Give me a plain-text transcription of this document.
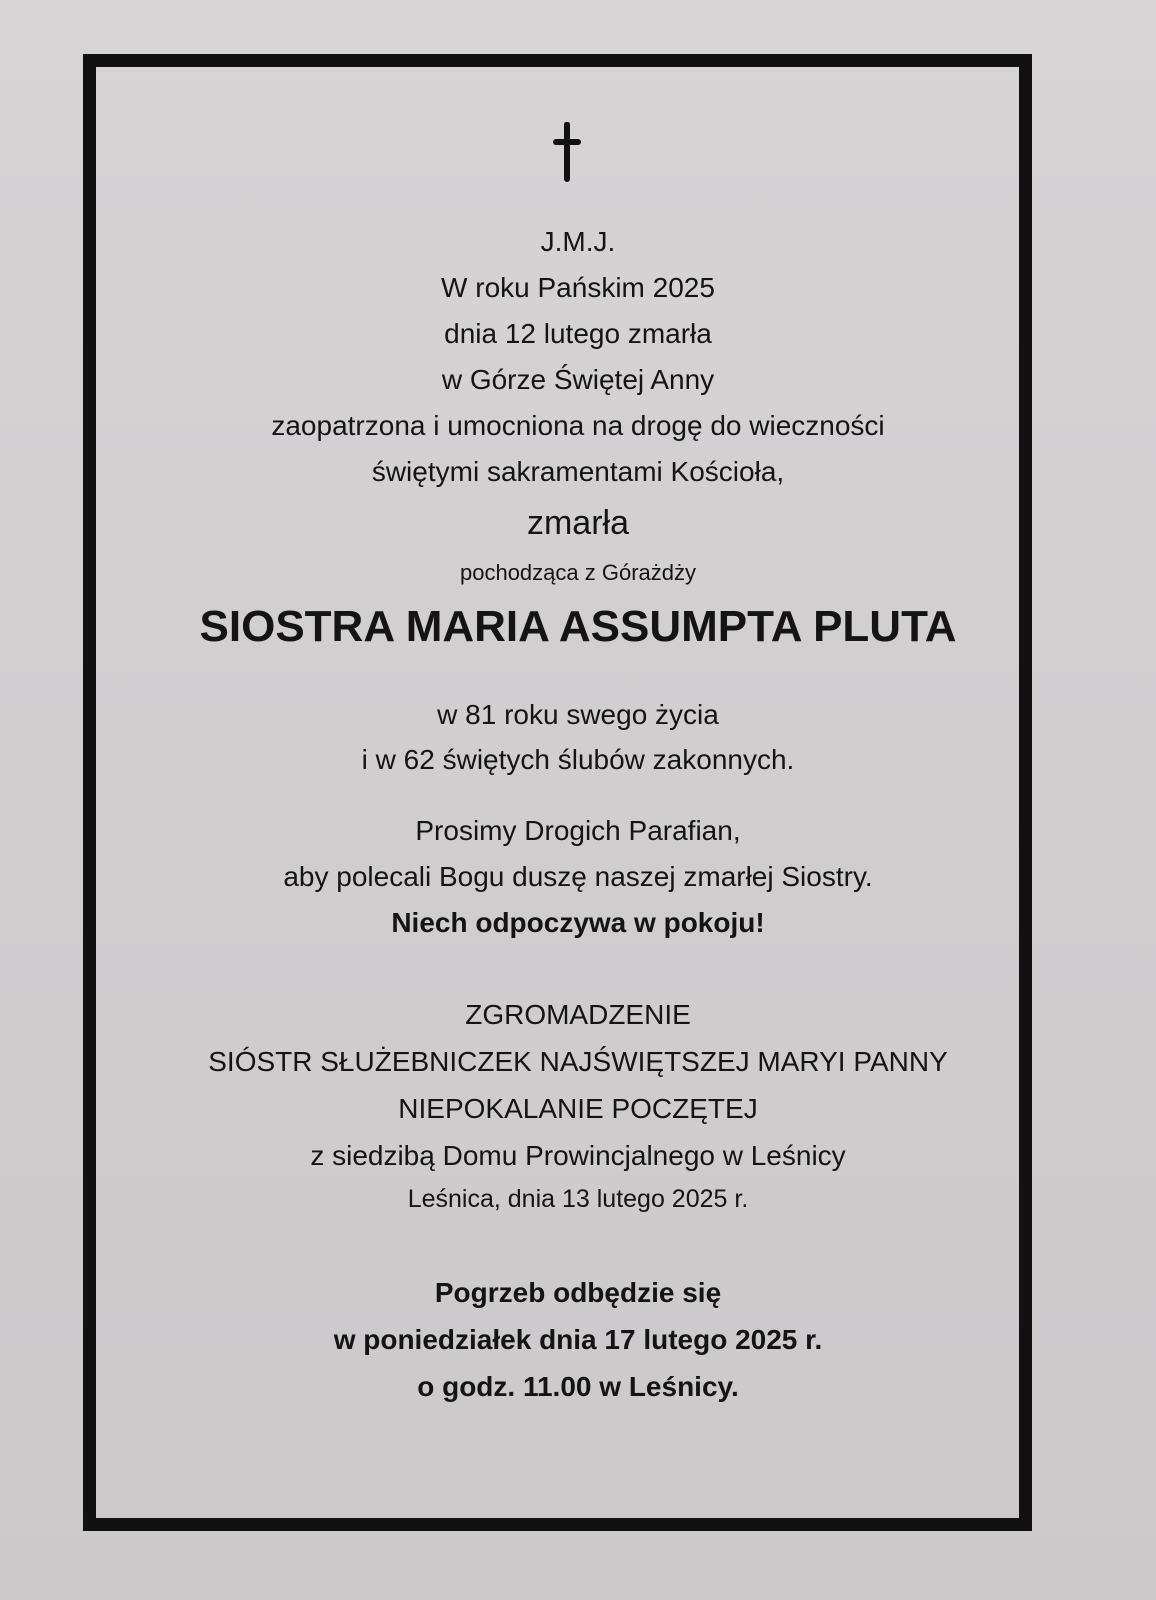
J.M.J.
W roku Pańskim 2025
dnia 12 lutego zmarła
w Górze Świętej Anny
zaopatrzona i umocniona na drogę do wieczności
świętymi sakramentami Kościoła,
zmarła
pochodząca z Górażdży
SIOSTRA MARIA ASSUMPTA PLUTA
w 81 roku swego życia
i w 62 świętych ślubów zakonnych.
Prosimy Drogich Parafian,
aby polecali Bogu duszę naszej zmarłej Siostry.
Niech odpoczywa w pokoju!
ZGROMADZENIE
SIÓSTR SŁUŻEBNICZEK NAJŚWIĘTSZEJ MARYI PANNY
NIEPOKALANIE POCZĘTEJ
z siedzibą Domu Prowincjalnego w Leśnicy
Leśnica, dnia 13 lutego 2025 r.
Pogrzeb odbędzie się
w poniedziałek dnia 17 lutego 2025 r.
o godz. 11.00 w Leśnicy.
